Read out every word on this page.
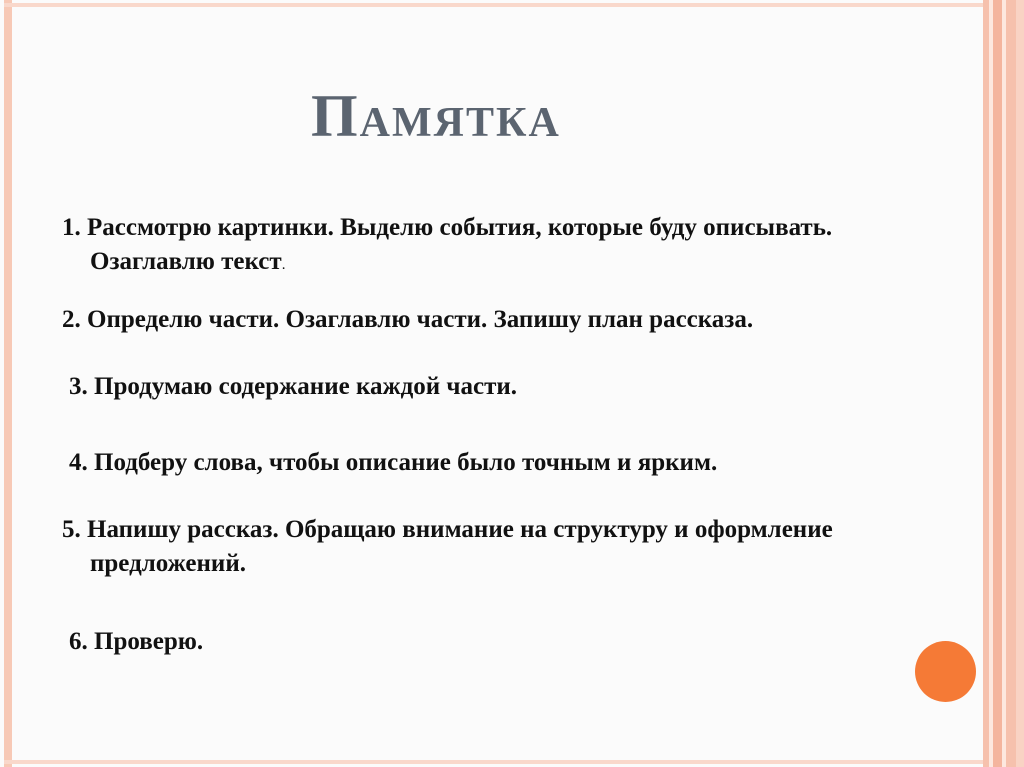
Памятка
1. Рассмотрю картинки. Выделю события, которые буду описывать.
Озаглавлю текст.
2. Определю части. Озаглавлю части. Запишу план рассказа.
3. Продумаю содержание каждой части.
4. Подберу слова, чтобы описание было точным и ярким.
5. Напишу рассказ. Обращаю внимание на структуру и оформление
предложений.
6. Проверю.
